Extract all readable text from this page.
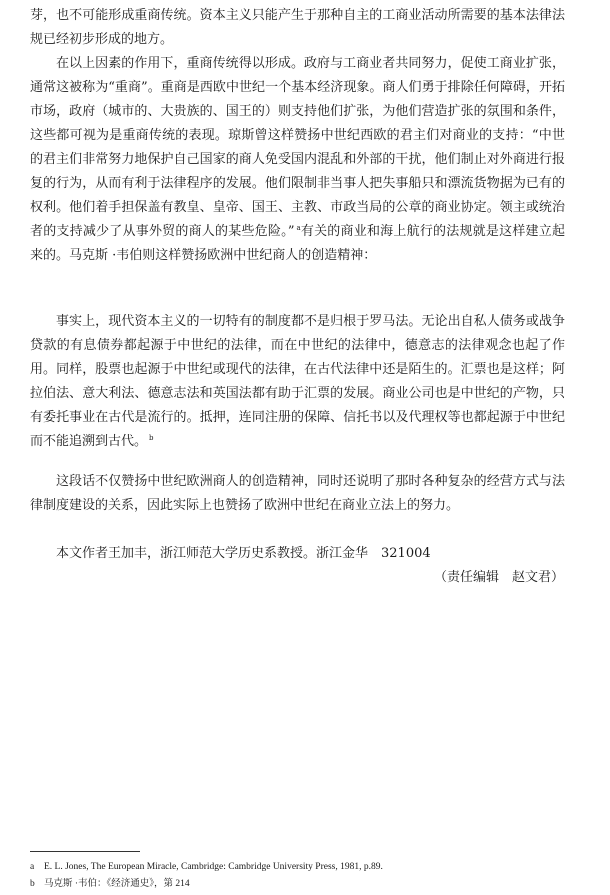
芽，也不可能形成重商传统。资本主义只能产生于那种自主的工商业活动所需要的基本法律法规已经初步形成的地方。

在以上因素的作用下，重商传统得以形成。政府与工商业者共同努力，促使工商业扩张，通常这被称为“重商”。重商是西欧中世纪一个基本经济现象。商人们勇于排除任何障碍，开拓市场，政府（城市的、大贵族的、国王的）则支持他们扩张，为他们营造扩张的氛围和条件，这些都可视为是重商传统的表现。琼斯曾这样赞扬中世纪西欧的君主们对商业的支持：“中世的君主们非常努力地保护自己国家的商人免受国内混乱和外部的干扰，他们制止对外商进行报复的行为，从而有利于法律程序的发展。他们限制非当事人把失事船只和漂流货物据为已有的权利。他们着手担保盖有教皇、皇帝、国王、主教、市政当局的公章的商业协定。领主或统治者的支持减少了从事外贸的商人的某些危险。” $^a$有关的商业和海上航行的法规就是这样建立起来的。马克斯 ·韦伯则这样赞扬欧洲中世纪商人的创造精神：

事实上，现代资本主义的一切特有的制度都不是归根于罗马法。无论出自私人债务或战争贷款的有息债券都起源于中世纪的法律，而在中世纪的法律中，德意志的法律观念也起了作用。同样，股票也起源于中世纪或现代的法律，在古代法律中还是陌生的。汇票也是这样；阿拉伯法、意大利法、德意志法和英国法都有助于汇票的发展。商业公司也是中世纪的产物，只有委托事业在古代是流行的。抵押，连同注册的保障、信托书以及代理权等也都起源于中世纪而不能追溯到古代。 $^b$

这段话不仅赞扬中世纪欧洲商人的创造精神，同时还说明了那时各种复杂的经营方式与法律制度建设的关系，因此实际上也赞扬了欧洲中世纪在商业立法上的努力。

本文作者王加丰，浙江师范大学历史系教授。浙江金华　321004
（责任编辑　赵文君）
a E. L. Jones, The European Miracle, Cambridge: Cambridge University Press, 1981, p.89.
b 马克斯 ·韦伯：《经济通史》，第 214
